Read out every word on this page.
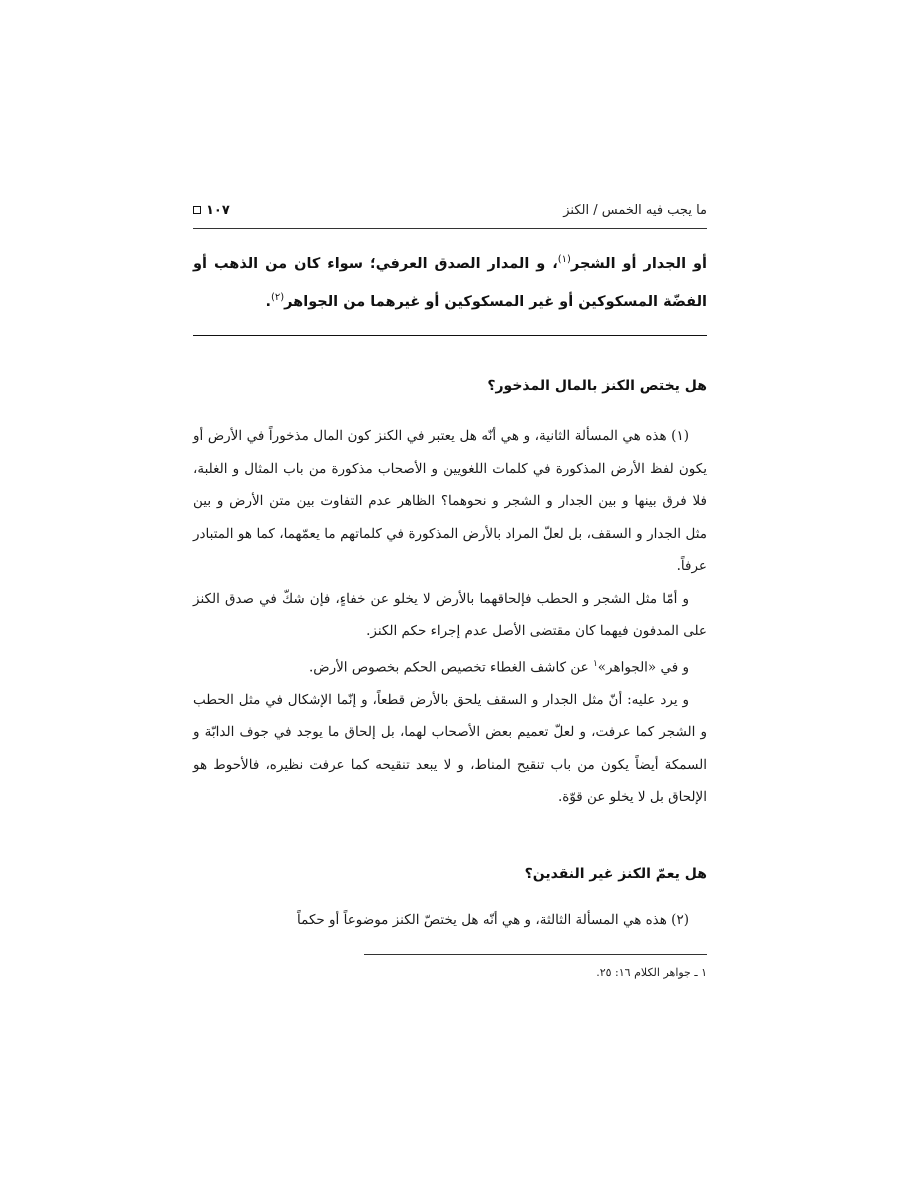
ما يجب فيه الخمس / الكنز
١٠٧

أو الجدار أو الشجر$^{(١)}$، و المدار الصدق العرفي؛ سواء كان من الذهب أو الفضّة المسكوكين أو غير المسكوكين أو غيرهما من الجواهر$^{(٢)}$.

هل يختص الكنز بالمال المذخور؟

(١) هذه هي المسألة الثانية، و هي أنّه هل يعتبر في الكنز كون المال مذخوراً في الأرض أو يكون لفظ الأرض المذكورة في كلمات اللغويين و الأصحاب مذكورة من باب المثال و الغلبة، فلا فرق بينها و بين الجدار و الشجر و نحوهما؟ الظاهر عدم التفاوت بين متن الأرض و بين مثل الجدار و السقف، بل لعلّ المراد بالأرض المذكورة في كلماتهم ما يعمّهما، كما هو المتبادر عرفاً.

و أمّا مثل الشجر و الحطب فإلحاقهما بالأرض لا يخلو عن خفاءٍ، فإن شكّ في صدق الكنز على المدفون فيهما كان مقتضى الأصل عدم إجراء حكم الكنز.

و في «الجواهر»$^١$ عن كاشف الغطاء تخصيص الحكم بخصوص الأرض.

و يرد عليه: أنّ مثل الجدار و السقف يلحق بالأرض قطعاً، و إنّما الإشكال في مثل الحطب و الشجر كما عرفت، و لعلّ تعميم بعض الأصحاب لهما، بل إلحاق ما يوجد في جوف الدابّة و السمكة أيضاً يكون من باب تنقيح المناط، و لا يبعد تنقيحه كما عرفت نظيره، فالأحوط هو الإلحاق بل لا يخلو عن قوّة.

هل يعمّ الكنز غير النقدين؟

(٢) هذه هي المسألة الثالثة، و هي أنّه هل يختصّ الكنز موضوعاً أو حكماً

١ ـ جواهر الكلام ١٦: ٢٥.
